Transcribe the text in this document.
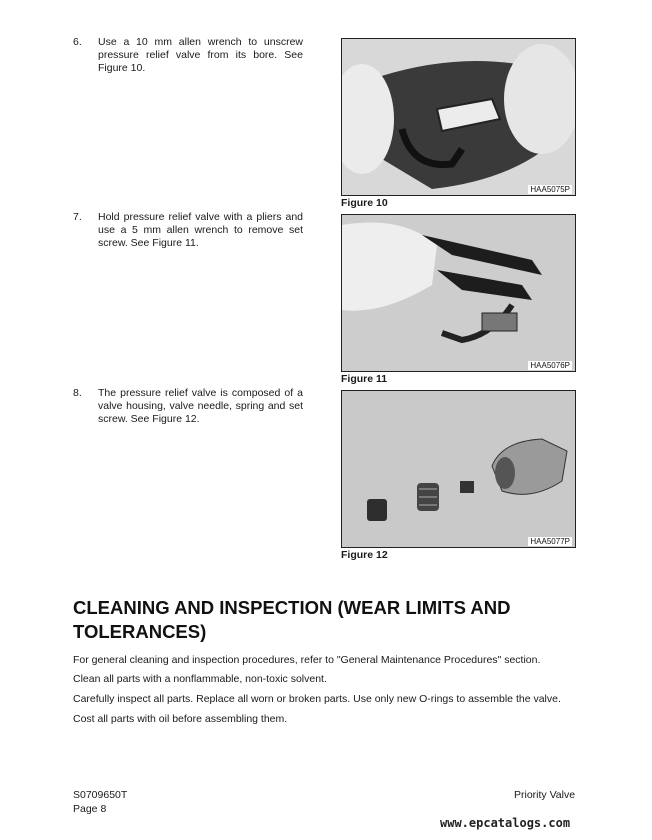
6. Use a 10 mm allen wrench to unscrew pressure relief valve from its bore. See Figure 10.
7. Hold pressure relief valve with a pliers and use a 5 mm allen wrench to remove set screw. See Figure 11.
8. The pressure relief valve is composed of a valve housing, valve needle, spring and set screw. See Figure 12.
HAA5075P
Figure 10
HAA5076P
Figure 11
HAA5077P
Figure 12
CLEANING AND INSPECTION (WEAR LIMITS AND TOLERANCES)
For general cleaning and inspection procedures, refer to "General Maintenance Procedures" section.
Clean all parts with a nonflammable, non-toxic solvent.
Carefully inspect all parts. Replace all worn or broken parts. Use only new O-rings to assemble the valve.
Cost all parts with oil before assembling them.
S0709650T
Page 8
Priority Valve
www.epcatalogs.com
